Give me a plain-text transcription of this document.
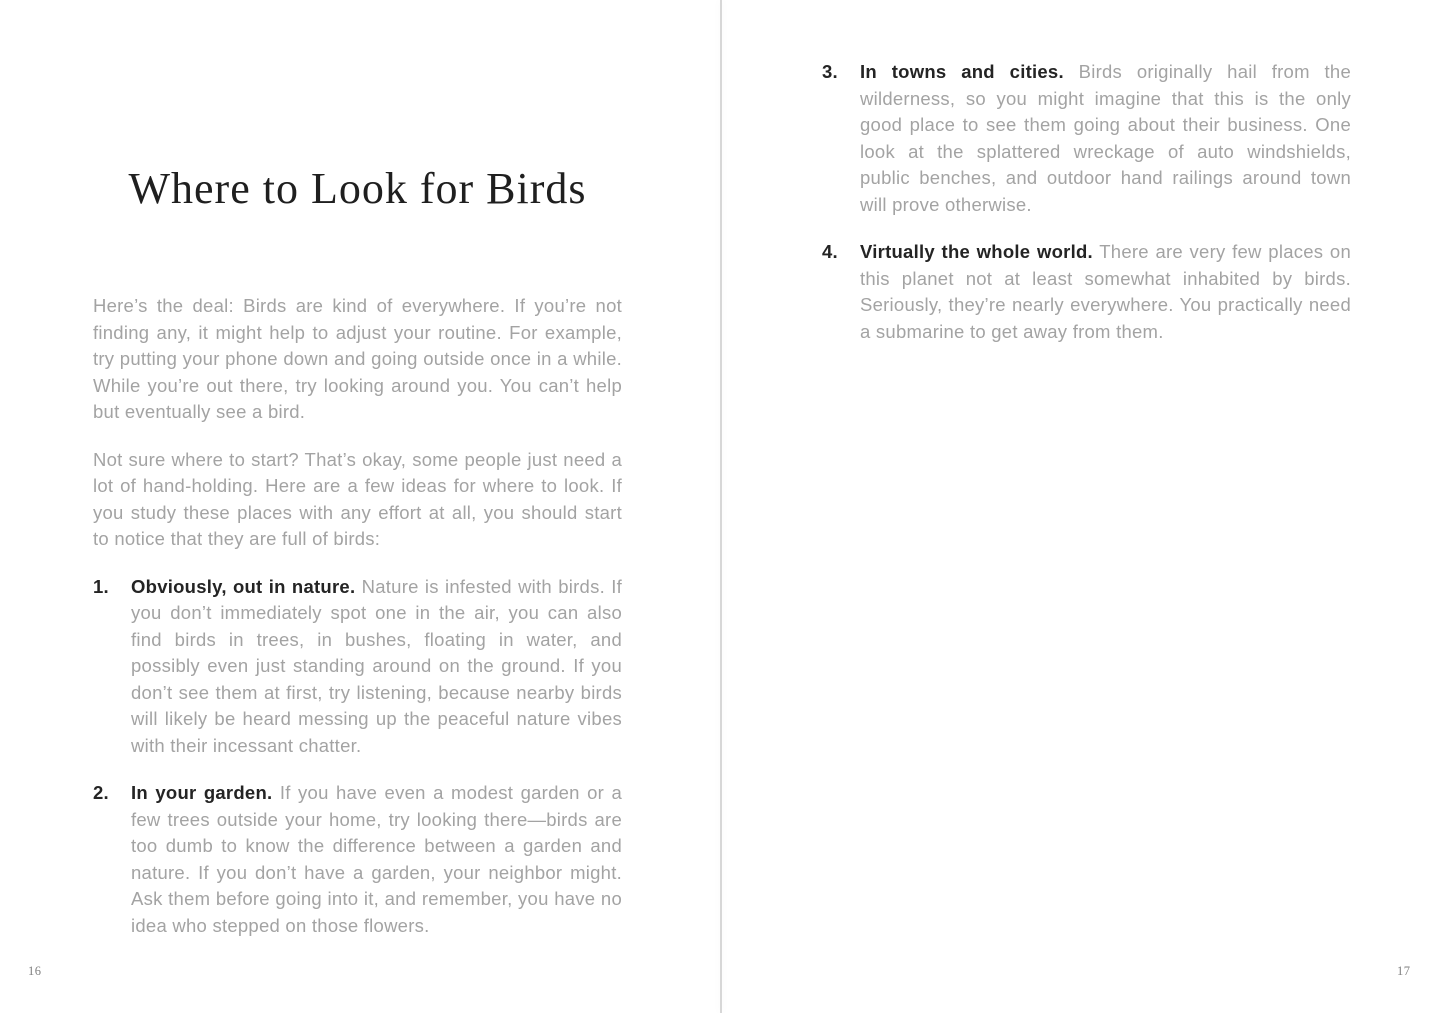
Where to Look for Birds

Here’s the deal: Birds are kind of everywhere. If you’re not finding any, it might help to adjust your routine. For example, try putting your phone down and going outside once in a while. While you’re out there, try looking around you. You can’t help but eventually see a bird.

Not sure where to start? That’s okay, some people just need a lot of hand-holding. Here are a few ideas for where to look. If you study these places with any effort at all, you should start to notice that they are full of birds:

1.	Obviously, out in nature. Nature is infested with birds. If you don’t immediately spot one in the air, you can also find birds in trees, in bushes, floating in water, and possibly even just standing around on the ground. If you don’t see them at first, try listening, because nearby birds will likely be heard messing up the peaceful nature vibes with their incessant chatter.

2.	In your garden. If you have even a modest garden or a few trees outside your home, try looking there—birds are too dumb to know the difference between a garden and nature. If you don’t have a garden, your neighbor might. Ask them before going into it, and remember, you have no idea who stepped on those flowers.

3.	In towns and cities. Birds originally hail from the wilderness, so you might imagine that this is the only good place to see them going about their business. One look at the splattered wreckage of auto windshields, public benches, and outdoor hand railings around town will prove otherwise.

4.	Virtually the whole world. There are very few places on this planet not at least somewhat inhabited by birds. Seriously, they’re nearly everywhere. You practically need a submarine to get away from them.

16	17
